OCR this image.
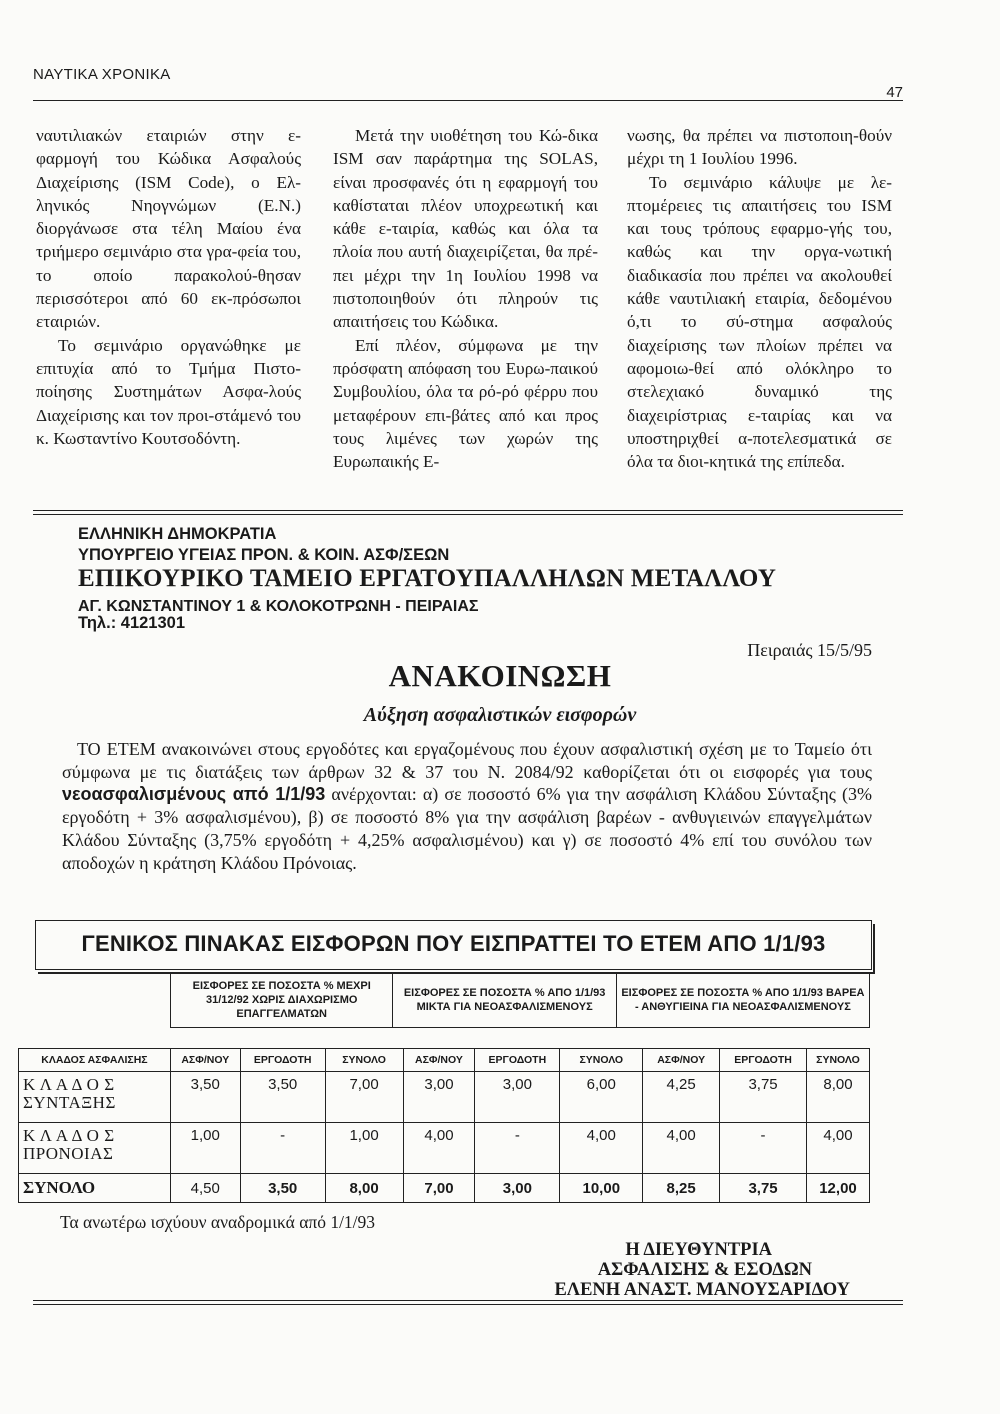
ΝΑΥΤΙΚΑ ΧΡΟΝΙΚΑ
47

ναυτιλιακών εταιριών στην ε-φαρμογή του Κώδικα Ασφαλούς Διαχείρισης (ISM Code), ο Ελ-ληνικός Νηογνώμων (Ε.Ν.) διοργάνωσε στα τέλη Μαίου ένα τριήμερο σεμινάριο στα γρα-φεία του, το οποίο παρακολού-θησαν περισσότεροι από 60 εκ-πρόσωποι εταιριών.

Το σεμινάριο οργανώθηκε με επιτυχία από το Τμήμα Πιστο-ποίησης Συστημάτων Ασφα-λούς Διαχείρισης και τον προι-στάμενό του κ. Κωσταντίνο Κουτσοδόντη.

Μετά την υιοθέτηση του Κώ-δικα ISM σαν παράρτημα της SOLAS, είναι προσφανές ότι η εφαρμογή του καθίσταται πλέον υποχρεωτική και κάθε ε-ταιρία, καθώς και όλα τα πλοία που αυτή διαχειρίζεται, θα πρέ-πει μέχρι την 1η Ιουλίου 1998 να πιστοποιηθούν ότι πληρούν τις απαιτήσεις του Κώδικα.

Επί πλέον, σύμφωνα με την πρόσφατη απόφαση του Ευρω-παικού Συμβουλίου, όλα τα ρό-ρό φέρρυ που μεταφέρουν επι-βάτες από και προς τους λιμένες των χωρών της Ευρωπαικής Ε-

νωσης, θα πρέπει να πιστοποιη-θούν μέχρι τη 1 Ιουλίου 1996.

Το σεμινάριο κάλυψε με λε-πτομέρειες τις απαιτήσεις του ISM και τους τρόπους εφαρμο-γής του, καθώς και την οργα-νωτική διαδικασία που πρέπει να ακολουθεί κάθε ναυτιλιακή εταιρία, δεδομένου ό,τι το σύ-στημα ασφαλούς διαχείρισης των πλοίων πρέπει να αφομοιω-θεί από ολόκληρο το στελεχιακό δυναμικό της διαχειρίστριας ε-ταιρίας και να υποστηριχθεί α-ποτελεσματικά σε όλα τα διοι-κητικά της επίπεδα.

ΕΛΛΗΝΙΚΗ ΔΗΜΟΚΡΑΤΙΑ
ΥΠΟΥΡΓΕΙΟ ΥΓΕΙΑΣ ΠΡΟΝ. & ΚΟΙΝ. ΑΣΦ/ΣΕΩΝ
ΕΠΙΚΟΥΡΙΚΟ ΤΑΜΕΙΟ ΕΡΓΑΤΟΥΠΑΛΛΗΛΩΝ ΜΕΤΑΛΛΟΥ
ΑΓ. ΚΩΝΣΤΑΝΤΙΝΟΥ 1 & ΚΟΛΟΚΟΤΡΩΝΗ - ΠΕΙΡΑΙΑΣ
Τηλ.: 4121301
Πειραιάς 15/5/95
ΑΝΑΚΟΙΝΩΣΗ
Αύξηση ασφαλιστικών εισφορών

ΤΟ ΕΤΕΜ ανακοινώνει στους εργοδότες και εργαζομένους που έχουν ασφαλιστική σχέση με το Ταμείο ότι σύμφωνα με τις διατάξεις των άρθρων 32 & 37 του Ν. 2084/92 καθορίζεται ότι οι εισφορές για τους νεοασφαλισμένους από 1/1/93 ανέρχονται: α) σε ποσοστό 6% για την ασφάλιση Κλάδου Σύνταξης (3% εργοδότη + 3% ασφαλισμένου), β) σε ποσοστό 8% για την ασφάλιση βαρέων - ανθυγιεινών επαγγελμάτων Κλάδου Σύνταξης (3,75% εργοδότη + 4,25% ασφαλισμένου) και γ) σε ποσοστό 4% επί του συνόλου των αποδοχών η κράτηση Κλάδου Πρόνοιας.

ΓΕΝΙΚΟΣ ΠΙΝΑΚΑΣ ΕΙΣΦΟΡΩΝ ΠΟΥ ΕΙΣΠΡΑΤΤΕΙ ΤΟ ΕΤΕΜ ΑΠΟ 1/1/93
ΕΙΣΦΟΡΕΣ ΣΕ ΠΟΣΟΣΤΑ % ΜΕΧΡΙ 31/12/92 ΧΩΡΙΣ ΔΙΑΧΩΡΙΣΜΟ ΕΠΑΓΓΕΛΜΑΤΩΝ	ΕΙΣΦΟΡΕΣ ΣΕ ΠΟΣΟΣΤΑ % ΑΠΟ 1/1/93 ΜΙΚΤΑ ΓΙΑ ΝΕΟΑΣΦΑΛΙΣΜΕΝΟΥΣ	ΕΙΣΦΟΡΕΣ ΣΕ ΠΟΣΟΣΤΑ % ΑΠΟ 1/1/93 ΒΑΡΕΑ - ΑΝΘΥΓΙΕΙΝΑ ΓΙΑ ΝΕΟΑΣΦΑΛΙΣΜΕΝΟΥΣ
ΚΛΑΔΟΣ ΑΣΦΑΛΙΣΗΣ	ΑΣΦ/ΝΟΥ	ΕΡΓΟΔΟΤΗ	ΣΥΝΟΛΟ	ΑΣΦ/ΝΟΥ	ΕΡΓΟΔΟΤΗ	ΣΥΝΟΛΟ	ΑΣΦ/ΝΟΥ	ΕΡΓΟΔΟΤΗ	ΣΥΝΟΛΟ
Κ Λ Α Δ Ο Σ ΣΥΝΤΑΞΗΣ	3,50	3,50	7,00	3,00	3,00	6,00	4,25	3,75	8,00
Κ Λ Α Δ Ο Σ ΠΡΟΝΟΙΑΣ	1,00	-	1,00	4,00	-	4,00	4,00	-	4,00
ΣΥΝΟΛΟ	4,50	3,50	8,00	7,00	3,00	10,00	8,25	3,75	12,00
Τα ανωτέρω ισχύουν αναδρομικά από 1/1/93
Η ΔΙΕΥΘΥΝΤΡΙΑ
ΑΣΦΑΛΙΣΗΣ & ΕΣΟΔΩΝ
ΕΛΕΝΗ ΑΝΑΣΤ. ΜΑΝΟΥΣΑΡΙΔΟΥ
